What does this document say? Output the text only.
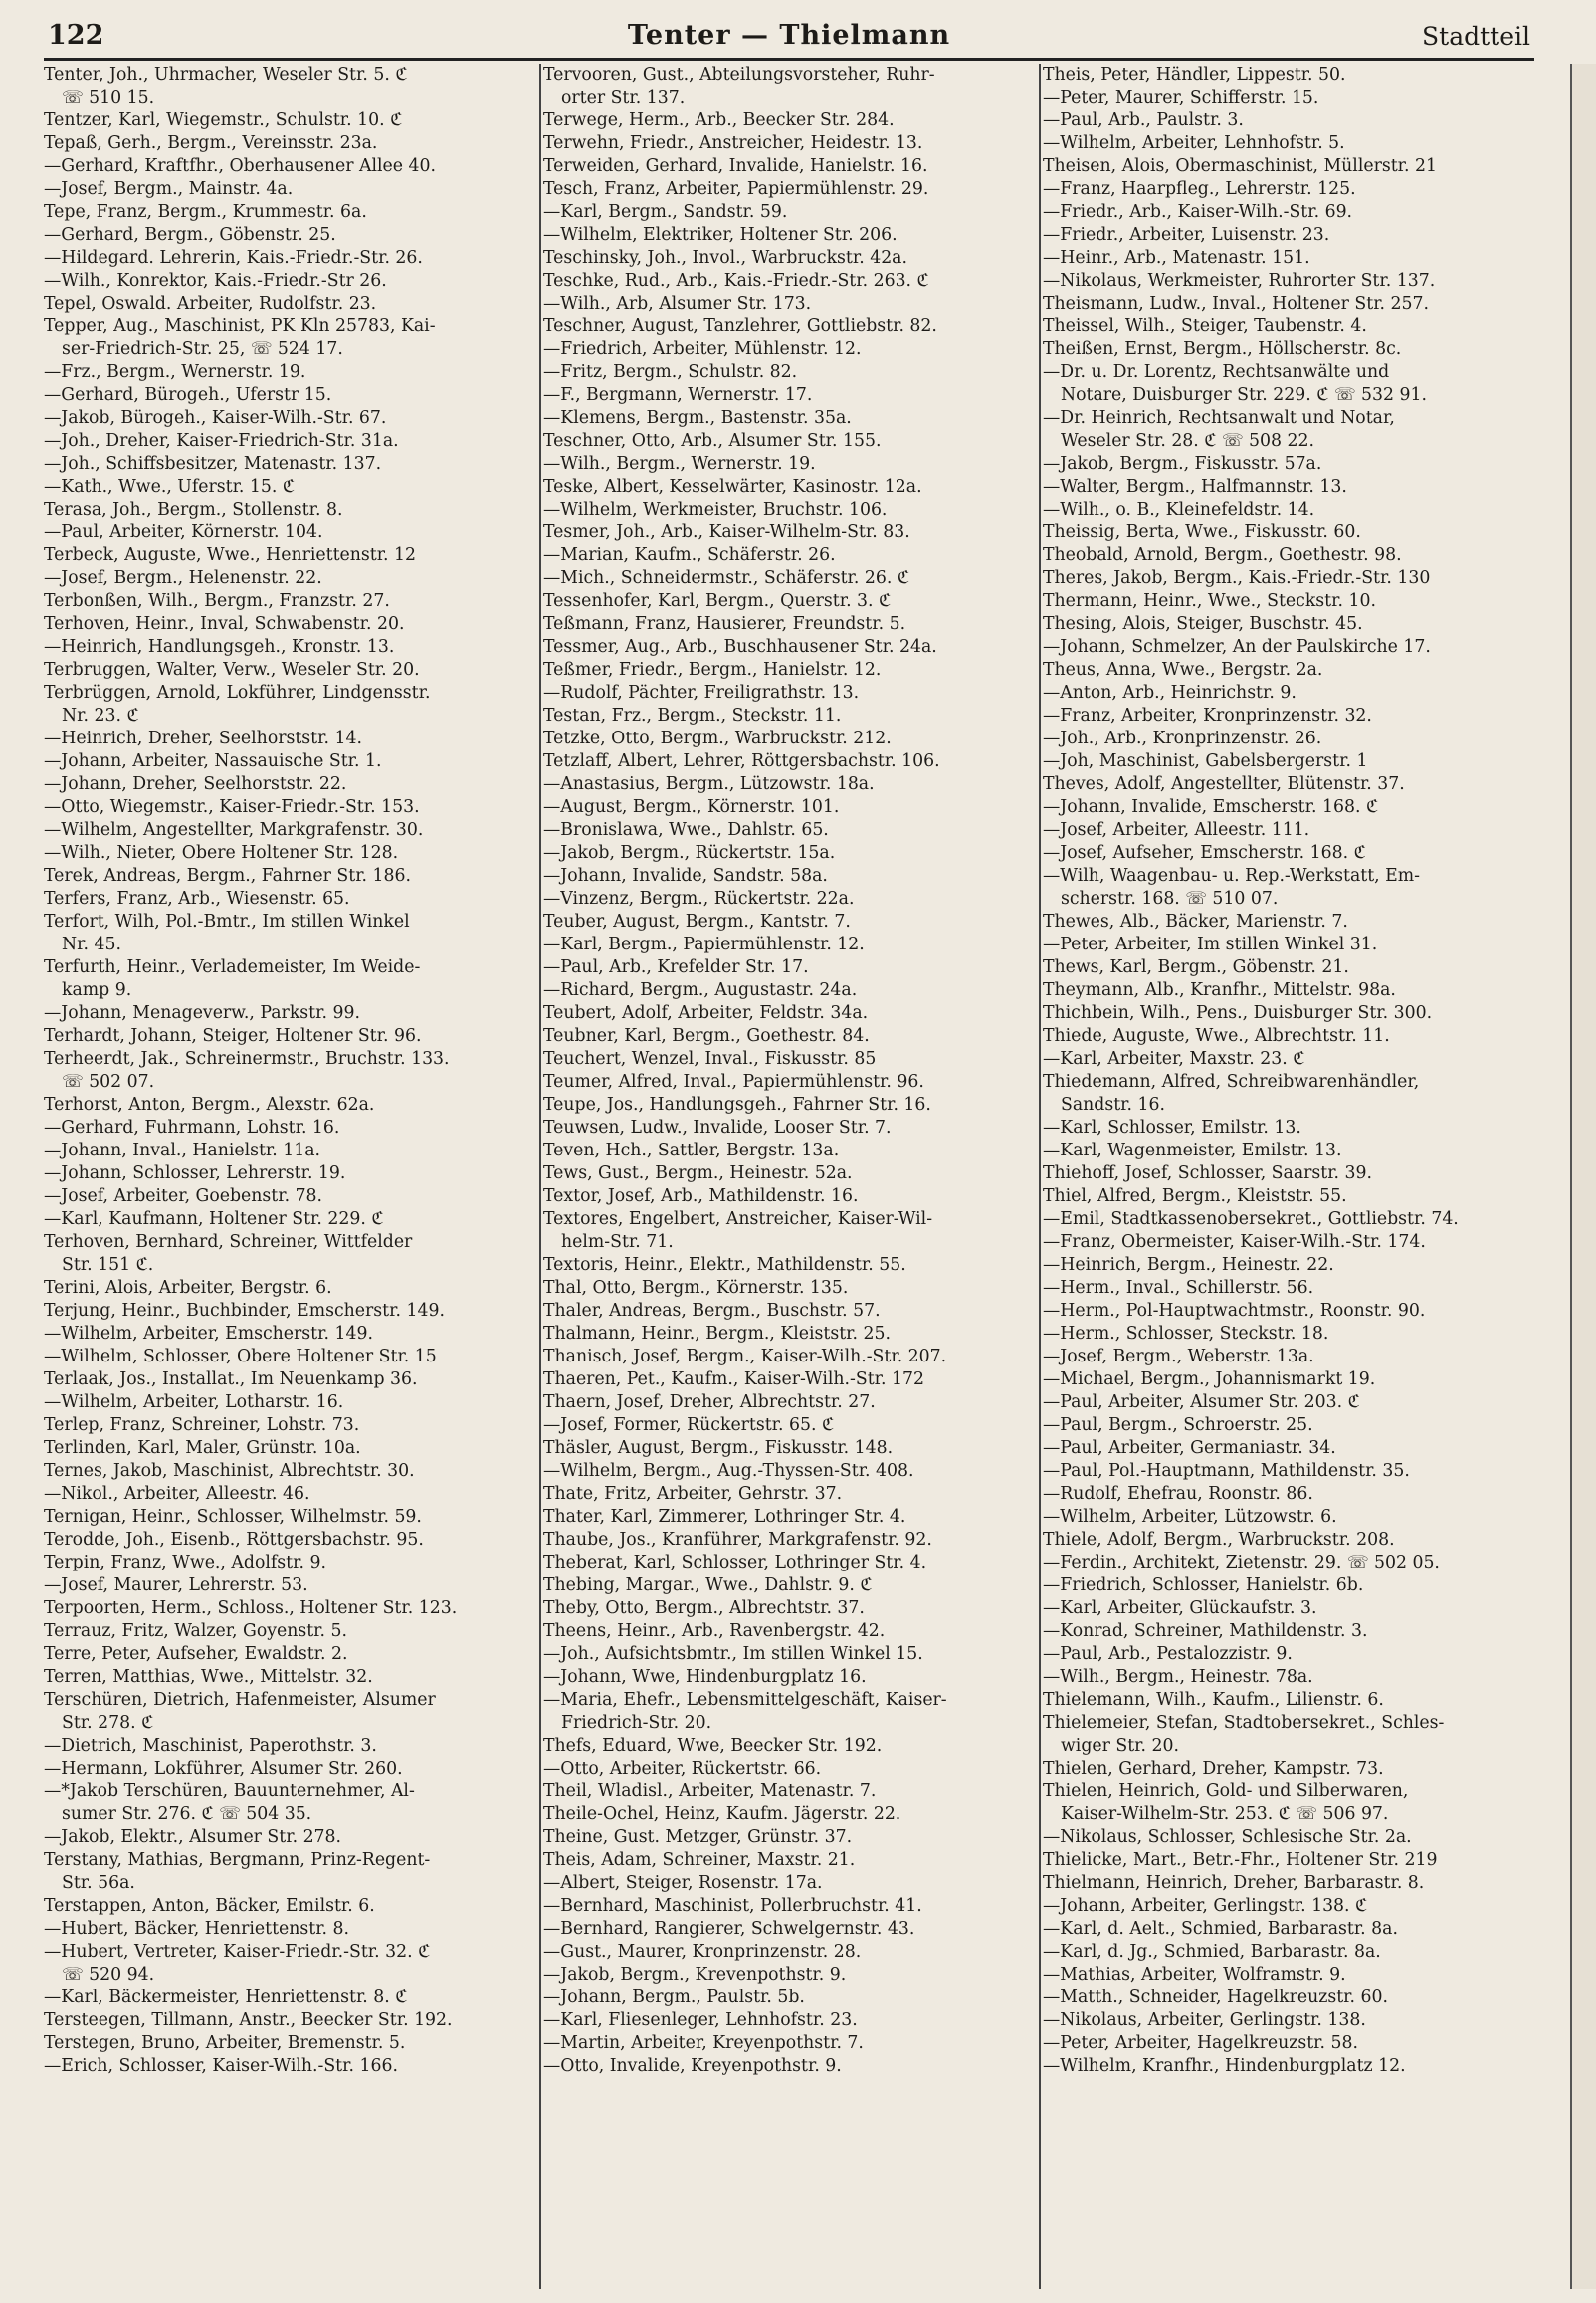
122	Tenter — Thielmann	Stadtteil
Tenter, Joh., Uhrmacher, Weseler Str. 5. ℭ
☏ 510 15.
Tentzer, Karl, Wiegemstr., Schulstr. 10. ℭ
Tepaß, Gerh., Bergm., Vereinsstr. 23a.
—Gerhard, Kraftfhr., Oberhausener Allee 40.
—Josef, Bergm., Mainstr. 4a.
Tepe, Franz, Bergm., Krummestr. 6a.
—Gerhard, Bergm., Göbenstr. 25.
—Hildegard. Lehrerin, Kais.-Friedr.-Str. 26.
—Wilh., Konrektor, Kais.-Friedr.-Str 26.
Tepel, Oswald. Arbeiter, Rudolfstr. 23.
Tepper, Aug., Maschinist, PK Kln 25783, Kai-
ser-Friedrich-Str. 25, ☏ 524 17.
—Frz., Bergm., Wernerstr. 19.
—Gerhard, Bürogeh., Uferstr 15.
—Jakob, Bürogeh., Kaiser-Wilh.-Str. 67.
—Joh., Dreher, Kaiser-Friedrich-Str. 31a.
—Joh., Schiffsbesitzer, Matenastr. 137.
—Kath., Wwe., Uferstr. 15. ℭ
Terasa, Joh., Bergm., Stollenstr. 8.
—Paul, Arbeiter, Körnerstr. 104.
Terbeck, Auguste, Wwe., Henriettenstr. 12
—Josef, Bergm., Helenenstr. 22.
Terbonßen, Wilh., Bergm., Franzstr. 27.
Terhoven, Heinr., Inval, Schwabenstr. 20.
—Heinrich, Handlungsgeh., Kronstr. 13.
Terbruggen, Walter, Verw., Weseler Str. 20.
Terbrüggen, Arnold, Lokführer, Lindgensstr.
Nr. 23. ℭ
—Heinrich, Dreher, Seelhorststr. 14.
—Johann, Arbeiter, Nassauische Str. 1.
—Johann, Dreher, Seelhorststr. 22.
—Otto, Wiegemstr., Kaiser-Friedr.-Str. 153.
—Wilhelm, Angestellter, Markgrafenstr. 30.
—Wilh., Nieter, Obere Holtener Str. 128.
Terek, Andreas, Bergm., Fahrner Str. 186.
Terfers, Franz, Arb., Wiesenstr. 65.
Terfort, Wilh, Pol.-Bmtr., Im stillen Winkel
Nr. 45.
Terfurth, Heinr., Verlademeister, Im Weide-
kamp 9.
—Johann, Menageverw., Parkstr. 99.
Terhardt, Johann, Steiger, Holtener Str. 96.
Terheerdt, Jak., Schreinermstr., Bruchstr. 133.
☏ 502 07.
Terhorst, Anton, Bergm., Alexstr. 62a.
—Gerhard, Fuhrmann, Lohstr. 16.
—Johann, Inval., Hanielstr. 11a.
—Johann, Schlosser, Lehrerstr. 19.
—Josef, Arbeiter, Goebenstr. 78.
—Karl, Kaufmann, Holtener Str. 229. ℭ
Terhoven, Bernhard, Schreiner, Wittfelder
Str. 151 ℭ.
Terini, Alois, Arbeiter, Bergstr. 6.
Terjung, Heinr., Buchbinder, Emscherstr. 149.
—Wilhelm, Arbeiter, Emscherstr. 149.
—Wilhelm, Schlosser, Obere Holtener Str. 15
Terlaak, Jos., Installat., Im Neuenkamp 36.
—Wilhelm, Arbeiter, Lotharstr. 16.
Terlep, Franz, Schreiner, Lohstr. 73.
Terlinden, Karl, Maler, Grünstr. 10a.
Ternes, Jakob, Maschinist, Albrechtstr. 30.
—Nikol., Arbeiter, Alleestr. 46.
Ternigan, Heinr., Schlosser, Wilhelmstr. 59.
Terodde, Joh., Eisenb., Röttgersbachstr. 95.
Terpin, Franz, Wwe., Adolfstr. 9.
—Josef, Maurer, Lehrerstr. 53.
Terpoorten, Herm., Schloss., Holtener Str. 123.
Terrauz, Fritz, Walzer, Goyenstr. 5.
Terre, Peter, Aufseher, Ewaldstr. 2.
Terren, Matthias, Wwe., Mittelstr. 32.
Terschüren, Dietrich, Hafenmeister, Alsumer
Str. 278. ℭ
—Dietrich, Maschinist, Paperothstr. 3.
—Hermann, Lokführer, Alsumer Str. 260.
—*Jakob Terschüren, Bauunternehmer, Al-
sumer Str. 276. ℭ ☏ 504 35.
—Jakob, Elektr., Alsumer Str. 278.
Terstany, Mathias, Bergmann, Prinz-Regent-
Str. 56a.
Terstappen, Anton, Bäcker, Emilstr. 6.
—Hubert, Bäcker, Henriettenstr. 8.
—Hubert, Vertreter, Kaiser-Friedr.-Str. 32. ℭ
☏ 520 94.
—Karl, Bäckermeister, Henriettenstr. 8. ℭ
Tersteegen, Tillmann, Anstr., Beecker Str. 192.
Terstegen, Bruno, Arbeiter, Bremenstr. 5.
—Erich, Schlosser, Kaiser-Wilh.-Str. 166.
Tervooren, Gust., Abteilungsvorsteher, Ruhr-
orter Str. 137.
Terwege, Herm., Arb., Beecker Str. 284.
Terwehn, Friedr., Anstreicher, Heidestr. 13.
Terweiden, Gerhard, Invalide, Hanielstr. 16.
Tesch, Franz, Arbeiter, Papiermühlenstr. 29.
—Karl, Bergm., Sandstr. 59.
—Wilhelm, Elektriker, Holtener Str. 206.
Teschinsky, Joh., Invol., Warbruckstr. 42a.
Teschke, Rud., Arb., Kais.-Friedr.-Str. 263. ℭ
—Wilh., Arb, Alsumer Str. 173.
Teschner, August, Tanzlehrer, Gottliebstr. 82.
—Friedrich, Arbeiter, Mühlenstr. 12.
—Fritz, Bergm., Schulstr. 82.
—F., Bergmann, Wernerstr. 17.
—Klemens, Bergm., Bastenstr. 35a.
Teschner, Otto, Arb., Alsumer Str. 155.
—Wilh., Bergm., Wernerstr. 19.
Teske, Albert, Kesselwärter, Kasinostr. 12a.
—Wilhelm, Werkmeister, Bruchstr. 106.
Tesmer, Joh., Arb., Kaiser-Wilhelm-Str. 83.
—Marian, Kaufm., Schäferstr. 26.
—Mich., Schneidermstr., Schäferstr. 26. ℭ
Tessenhofer, Karl, Bergm., Querstr. 3. ℭ
Teßmann, Franz, Hausierer, Freundstr. 5.
Tessmer, Aug., Arb., Buschhausener Str. 24a.
Teßmer, Friedr., Bergm., Hanielstr. 12.
—Rudolf, Pächter, Freiligrathstr. 13.
Testan, Frz., Bergm., Steckstr. 11.
Tetzke, Otto, Bergm., Warbruckstr. 212.
Tetzlaff, Albert, Lehrer, Röttgersbachstr. 106.
—Anastasius, Bergm., Lützowstr. 18a.
—August, Bergm., Körnerstr. 101.
—Bronislawa, Wwe., Dahlstr. 65.
—Jakob, Bergm., Rückertstr. 15a.
—Johann, Invalide, Sandstr. 58a.
—Vinzenz, Bergm., Rückertstr. 22a.
Teuber, August, Bergm., Kantstr. 7.
—Karl, Bergm., Papiermühlenstr. 12.
—Paul, Arb., Krefelder Str. 17.
—Richard, Bergm., Augustastr. 24a.
Teubert, Adolf, Arbeiter, Feldstr. 34a.
Teubner, Karl, Bergm., Goethestr. 84.
Teuchert, Wenzel, Inval., Fiskusstr. 85
Teumer, Alfred, Inval., Papiermühlenstr. 96.
Teupe, Jos., Handlungsgeh., Fahrner Str. 16.
Teuwsen, Ludw., Invalide, Looser Str. 7.
Teven, Hch., Sattler, Bergstr. 13a.
Tews, Gust., Bergm., Heinestr. 52a.
Textor, Josef, Arb., Mathildenstr. 16.
Textores, Engelbert, Anstreicher, Kaiser-Wil-
helm-Str. 71.
Textoris, Heinr., Elektr., Mathildenstr. 55.
Thal, Otto, Bergm., Körnerstr. 135.
Thaler, Andreas, Bergm., Buschstr. 57.
Thalmann, Heinr., Bergm., Kleiststr. 25.
Thanisch, Josef, Bergm., Kaiser-Wilh.-Str. 207.
Thaeren, Pet., Kaufm., Kaiser-Wilh.-Str. 172
Thaern, Josef, Dreher, Albrechtstr. 27.
—Josef, Former, Rückertstr. 65. ℭ
Thäsler, August, Bergm., Fiskusstr. 148.
—Wilhelm, Bergm., Aug.-Thyssen-Str. 408.
Thate, Fritz, Arbeiter, Gehrstr. 37.
Thater, Karl, Zimmerer, Lothringer Str. 4.
Thaube, Jos., Kranführer, Markgrafenstr. 92.
Theberat, Karl, Schlosser, Lothringer Str. 4.
Thebing, Margar., Wwe., Dahlstr. 9. ℭ
Theby, Otto, Bergm., Albrechtstr. 37.
Theens, Heinr., Arb., Ravenbergstr. 42.
—Joh., Aufsichtsbmtr., Im stillen Winkel 15.
—Johann, Wwe, Hindenburgplatz 16.
—Maria, Ehefr., Lebensmittelgeschäft, Kaiser-
Friedrich-Str. 20.
Thefs, Eduard, Wwe, Beecker Str. 192.
—Otto, Arbeiter, Rückertstr. 66.
Theil, Wladisl., Arbeiter, Matenastr. 7.
Theile-Ochel, Heinz, Kaufm. Jägerstr. 22.
Theine, Gust. Metzger, Grünstr. 37.
Theis, Adam, Schreiner, Maxstr. 21.
—Albert, Steiger, Rosenstr. 17a.
—Bernhard, Maschinist, Pollerbruchstr. 41.
—Bernhard, Rangierer, Schwelgernstr. 43.
—Gust., Maurer, Kronprinzenstr. 28.
—Jakob, Bergm., Krevenpothstr. 9.
—Johann, Bergm., Paulstr. 5b.
—Karl, Fliesenleger, Lehnhofstr. 23.
—Martin, Arbeiter, Kreyenpothstr. 7.
—Otto, Invalide, Kreyenpothstr. 9.
Theis, Peter, Händler, Lippestr. 50.
—Peter, Maurer, Schifferstr. 15.
—Paul, Arb., Paulstr. 3.
—Wilhelm, Arbeiter, Lehnhofstr. 5.
Theisen, Alois, Obermaschinist, Müllerstr. 21
—Franz, Haarpfleg., Lehrerstr. 125.
—Friedr., Arb., Kaiser-Wilh.-Str. 69.
—Friedr., Arbeiter, Luisenstr. 23.
—Heinr., Arb., Matenastr. 151.
—Nikolaus, Werkmeister, Ruhrorter Str. 137.
Theismann, Ludw., Inval., Holtener Str. 257.
Theissel, Wilh., Steiger, Taubenstr. 4.
Theißen, Ernst, Bergm., Höllscherstr. 8c.
—Dr. u. Dr. Lorentz, Rechtsanwälte und
Notare, Duisburger Str. 229. ℭ ☏ 532 91.
—Dr. Heinrich, Rechtsanwalt und Notar,
Weseler Str. 28. ℭ ☏ 508 22.
—Jakob, Bergm., Fiskusstr. 57a.
—Walter, Bergm., Halfmannstr. 13.
—Wilh., o. B., Kleinefeldstr. 14.
Theissig, Berta, Wwe., Fiskusstr. 60.
Theobald, Arnold, Bergm., Goethestr. 98.
Theres, Jakob, Bergm., Kais.-Friedr.-Str. 130
Thermann, Heinr., Wwe., Steckstr. 10.
Thesing, Alois, Steiger, Buschstr. 45.
—Johann, Schmelzer, An der Paulskirche 17.
Theus, Anna, Wwe., Bergstr. 2a.
—Anton, Arb., Heinrichstr. 9.
—Franz, Arbeiter, Kronprinzenstr. 32.
—Joh., Arb., Kronprinzenstr. 26.
—Joh, Maschinist, Gabelsbergerstr. 1
Theves, Adolf, Angestellter, Blütenstr. 37.
—Johann, Invalide, Emscherstr. 168. ℭ
—Josef, Arbeiter, Alleestr. 111.
—Josef, Aufseher, Emscherstr. 168. ℭ
—Wilh, Waagenbau- u. Rep.-Werkstatt, Em-
scherstr. 168. ☏ 510 07.
Thewes, Alb., Bäcker, Marienstr. 7.
—Peter, Arbeiter, Im stillen Winkel 31.
Thews, Karl, Bergm., Göbenstr. 21.
Theymann, Alb., Kranfhr., Mittelstr. 98a.
Thichbein, Wilh., Pens., Duisburger Str. 300.
Thiede, Auguste, Wwe., Albrechtstr. 11.
—Karl, Arbeiter, Maxstr. 23. ℭ
Thiedemann, Alfred, Schreibwarenhändler,
Sandstr. 16.
—Karl, Schlosser, Emilstr. 13.
—Karl, Wagenmeister, Emilstr. 13.
Thiehoff, Josef, Schlosser, Saarstr. 39.
Thiel, Alfred, Bergm., Kleiststr. 55.
—Emil, Stadtkassenobersekret., Gottliebstr. 74.
—Franz, Obermeister, Kaiser-Wilh.-Str. 174.
—Heinrich, Bergm., Heinestr. 22.
—Herm., Inval., Schillerstr. 56.
—Herm., Pol-Hauptwachtmstr., Roonstr. 90.
—Herm., Schlosser, Steckstr. 18.
—Josef, Bergm., Weberstr. 13a.
—Michael, Bergm., Johannismarkt 19.
—Paul, Arbeiter, Alsumer Str. 203. ℭ
—Paul, Bergm., Schroerstr. 25.
—Paul, Arbeiter, Germaniastr. 34.
—Paul, Pol.-Hauptmann, Mathildenstr. 35.
—Rudolf, Ehefrau, Roonstr. 86.
—Wilhelm, Arbeiter, Lützowstr. 6.
Thiele, Adolf, Bergm., Warbruckstr. 208.
—Ferdin., Architekt, Zietenstr. 29. ☏ 502 05.
—Friedrich, Schlosser, Hanielstr. 6b.
—Karl, Arbeiter, Glückaufstr. 3.
—Konrad, Schreiner, Mathildenstr. 3.
—Paul, Arb., Pestalozzistr. 9.
—Wilh., Bergm., Heinestr. 78a.
Thielemann, Wilh., Kaufm., Lilienstr. 6.
Thielemeier, Stefan, Stadtobersekret., Schles-
wiger Str. 20.
Thielen, Gerhard, Dreher, Kampstr. 73.
Thielen, Heinrich, Gold- und Silberwaren,
Kaiser-Wilhelm-Str. 253. ℭ ☏ 506 97.
—Nikolaus, Schlosser, Schlesische Str. 2a.
Thielicke, Mart., Betr.-Fhr., Holtener Str. 219
Thielmann, Heinrich, Dreher, Barbarastr. 8.
—Johann, Arbeiter, Gerlingstr. 138. ℭ
—Karl, d. Aelt., Schmied, Barbarastr. 8a.
—Karl, d. Jg., Schmied, Barbarastr. 8a.
—Mathias, Arbeiter, Wolframstr. 9.
—Matth., Schneider, Hagelkreuzstr. 60.
—Nikolaus, Arbeiter, Gerlingstr. 138.
—Peter, Arbeiter, Hagelkreuzstr. 58.
—Wilhelm, Kranfhr., Hindenburgplatz 12.
